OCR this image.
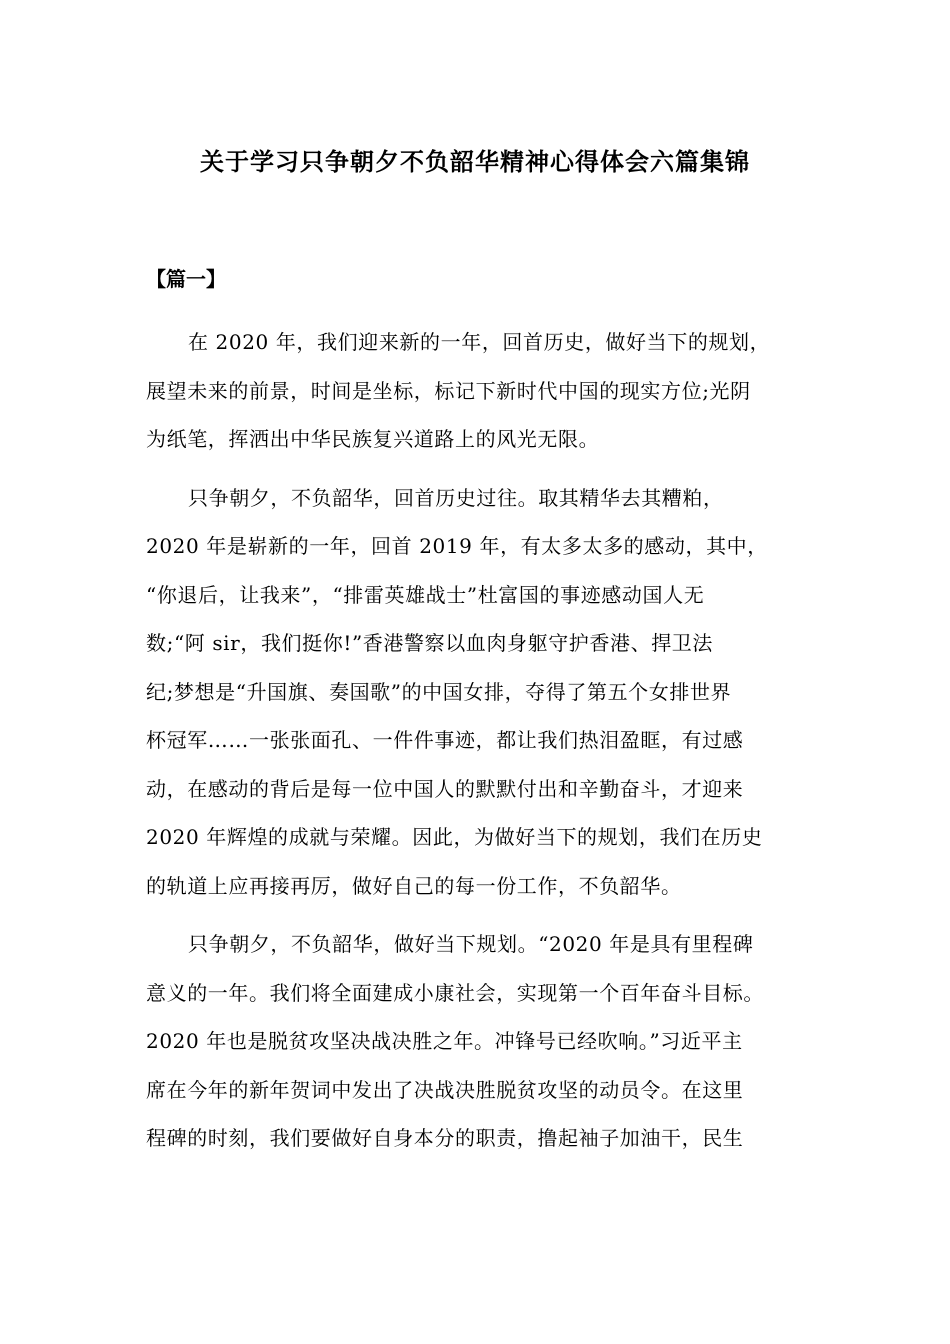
关于学习只争朝夕不负韶华精神心得体会六篇集锦
【篇一】

在 2020 年，我们迎来新的一年，回首历史，做好当下的规划，
展望未来的前景，时间是坐标，标记下新时代中国的现实方位;光阴
为纸笔，挥洒出中华民族复兴道路上的风光无限。

只争朝夕，不负韶华，回首历史过往。取其精华去其糟粕，
2020 年是崭新的一年，回首 2019 年，有太多太多的感动，其中，
“你退后，让我来”，“排雷英雄战士”杜富国的事迹感动国人无
数;“阿 sir，我们挺你!”香港警察以血肉身躯守护香港、捍卫法
纪;梦想是“升国旗、奏国歌”的中国女排，夺得了第五个女排世界
杯冠军……一张张面孔、一件件事迹，都让我们热泪盈眶，有过感
动，在感动的背后是每一位中国人的默默付出和辛勤奋斗，才迎来
2020 年辉煌的成就与荣耀。因此，为做好当下的规划，我们在历史
的轨道上应再接再厉，做好自己的每一份工作，不负韶华。

只争朝夕，不负韶华，做好当下规划。“2020 年是具有里程碑
意义的一年。我们将全面建成小康社会，实现第一个百年奋斗目标。
2020 年也是脱贫攻坚决战决胜之年。冲锋号已经吹响。”习近平主
席在今年的新年贺词中发出了决战决胜脱贫攻坚的动员令。在这里
程碑的时刻，我们要做好自身本分的职责，撸起袖子加油干，民生
